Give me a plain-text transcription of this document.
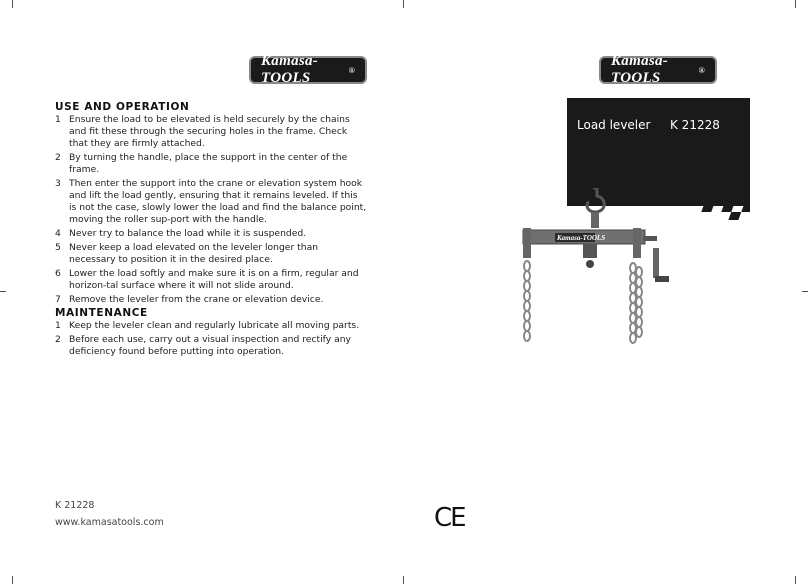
Kamasa-TOOLS	®
USE AND OPERATION
1 Ensure the load to be elevated is held securely by the chains and fit these through the securing holes in the frame. Check that they are firmly attached.
2 By turning the handle, place the support in the center of the frame.
3 Then enter the support into the crane or elevation system hook and lift the load gently, ensuring that it remains leveled. If this is not the case, slowly lower the load and find the balance point, moving the roller sup-port with the handle.
4 Never try to balance the load while it is suspended.
5 Never keep a load elevated on the leveler longer than necessary to position it in the desired place.
6 Lower the load softly and make sure it is on a firm, regular and horizon-tal surface where it will not slide around.
7 Remove the leveler from the crane or elevation device.
MAINTENANCE
1 Keep the leveler clean and regularly lubricate all moving parts.
2 Before each use, carry out a visual inspection and rectify any deficiency found before putting into operation.
K 21228
www.kamasatools.com	CE
Kamasa-TOOLS	®
Load leveler K 21228
Kamasa-TOOLS
